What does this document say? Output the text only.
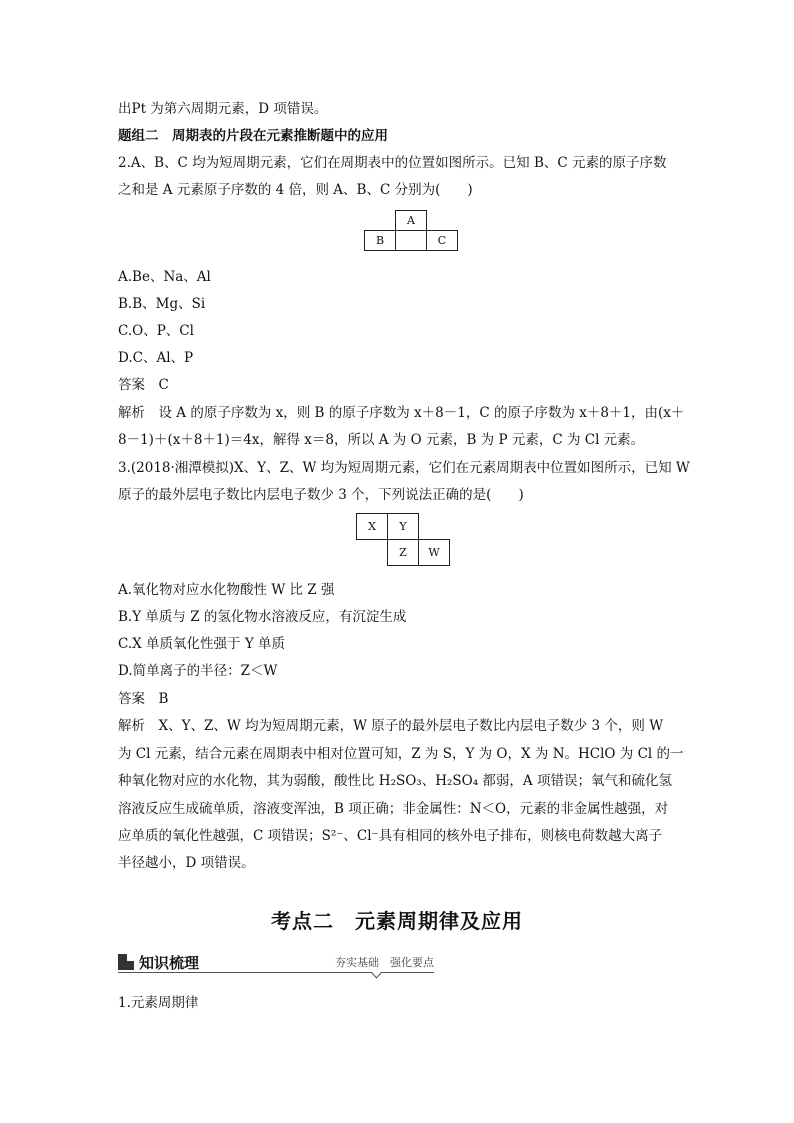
出Pt 为第六周期元素，D 项错误。
题组二　周期表的片段在元素推断题中的应用
2.A、B、C 均为短周期元素，它们在周期表中的位置如图所示。已知 B、C 元素的原子序数
之和是 A 元素原子序数的 4 倍，则 A、B、C 分别为(　　)
	A	
B		C
A.Be、Na、Al
B.B、Mg、Si
C.O、P、Cl
D.C、Al、P
答案　C
解析　设 A 的原子序数为 x，则 B 的原子序数为 x＋8－1，C 的原子序数为 x＋8＋1，由(x＋
8－1)＋(x＋8＋1)＝4x，解得 x＝8，所以 A 为 O 元素，B 为 P 元素，C 为 Cl 元素。
3.(2018·湘潭模拟)X、Y、Z、W 均为短周期元素，它们在元素周期表中位置如图所示，已知 W
原子的最外层电子数比内层电子数少 3 个，下列说法正确的是(　　)
X	Y	
	Z	W
A.氧化物对应水化物酸性 W 比 Z 强
B.Y 单质与 Z 的氢化物水溶液反应，有沉淀生成
C.X 单质氧化性强于 Y 单质
D.简单离子的半径：Z＜W
答案　B
解析　X、Y、Z、W 均为短周期元素，W 原子的最外层电子数比内层电子数少 3 个，则 W
为 Cl 元素，结合元素在周期表中相对位置可知，Z 为 S，Y 为 O，X 为 N。HClO 为 Cl 的一
种氧化物对应的水化物，其为弱酸，酸性比 H₂SO₃、H₂SO₄ 都弱，A 项错误；氧气和硫化氢
溶液反应生成硫单质，溶液变浑浊，B 项正确；非金属性：N＜O，元素的非金属性越强，对
应单质的氧化性越强，C 项错误；S²⁻、Cl⁻具有相同的核外电子排布，则核电荷数越大离子
半径越小，D 项错误。
考点二　元素周期律及应用
知识梳理	夯实基础　强化要点
1.元素周期律
